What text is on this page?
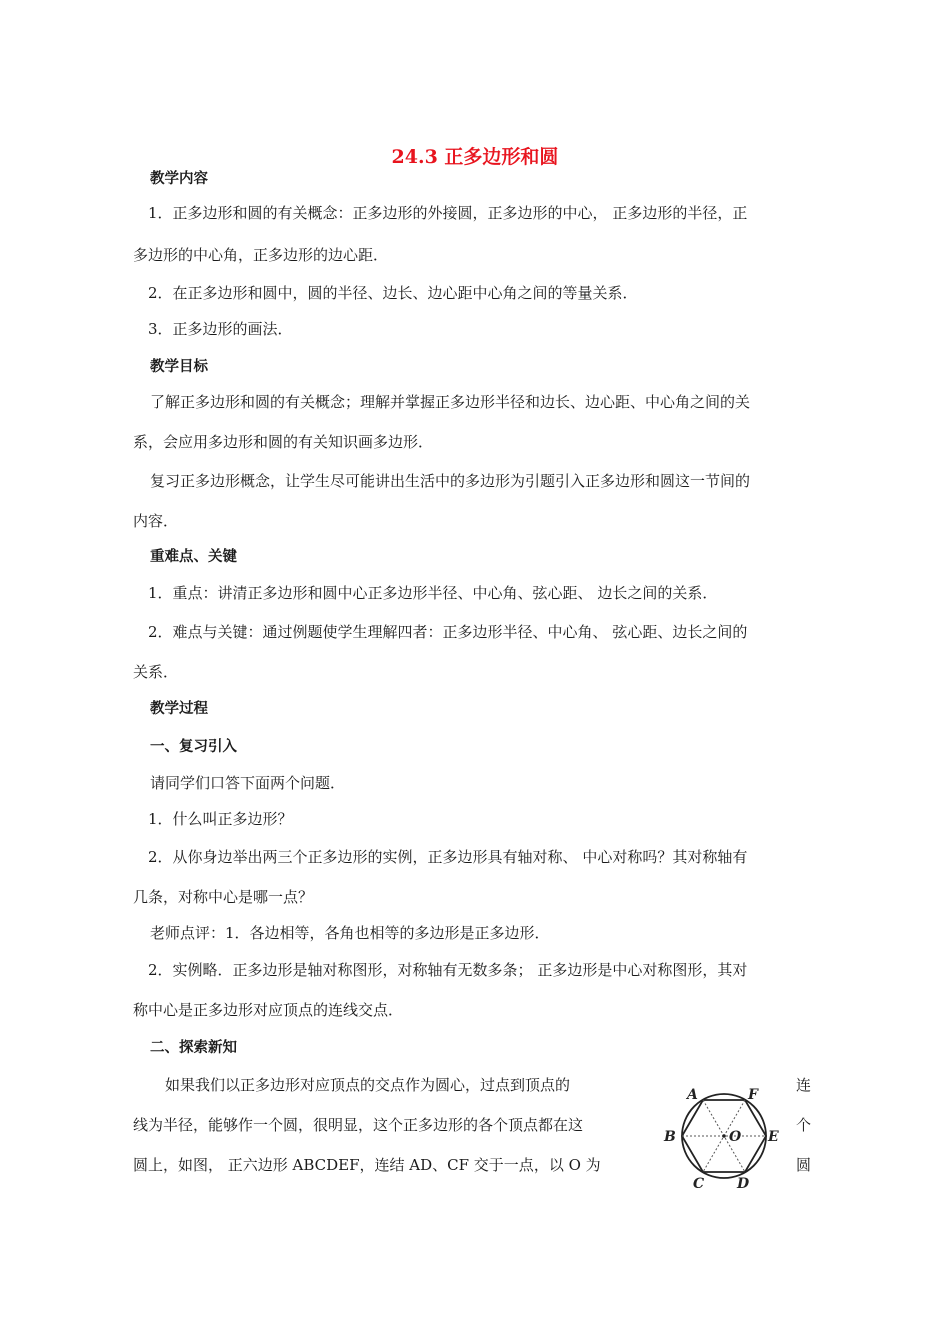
24.3 正多边形和圆
教学内容
1．正多边形和圆的有关概念：正多边形的外接圆，正多边形的中心， 正多边形的半径，正
多边形的中心角，正多边形的边心距．
2．在正多边形和圆中，圆的半径、边长、边心距中心角之间的等量关系．
3．正多边形的画法．
教学目标
了解正多边形和圆的有关概念；理解并掌握正多边形半径和边长、边心距、中心角之间的关
系，会应用多边形和圆的有关知识画多边形．
复习正多边形概念，让学生尽可能讲出生活中的多边形为引题引入正多边形和圆这一节间的
内容．
重难点、关键
1．重点：讲清正多边形和圆中心正多边形半径、中心角、弦心距、 边长之间的关系．
2．难点与关键：通过例题使学生理解四者：正多边形半径、中心角、 弦心距、边长之间的
关系．
教学过程
一、复习引入
请同学们口答下面两个问题．
1．什么叫正多边形？
2．从你身边举出两三个正多边形的实例，正多边形具有轴对称、 中心对称吗？其对称轴有
几条，对称中心是哪一点？
老师点评：1．各边相等，各角也相等的多边形是正多边形．
2．实例略．正多边形是轴对称图形，对称轴有无数多条； 正多边形是中心对称图形，其对
称中心是正多边形对应顶点的连线交点．
二、探索新知
如果我们以正多边形对应顶点的交点作为圆心，过点到顶点的	连
线为半径，能够作一个圆，很明显，这个正多边形的各个顶点都在这	个
圆上，如图， 正六边形 ABCDEF，连结 AD、CF 交于一点，以 O 为	圆
A	F
B	E
O
C D
